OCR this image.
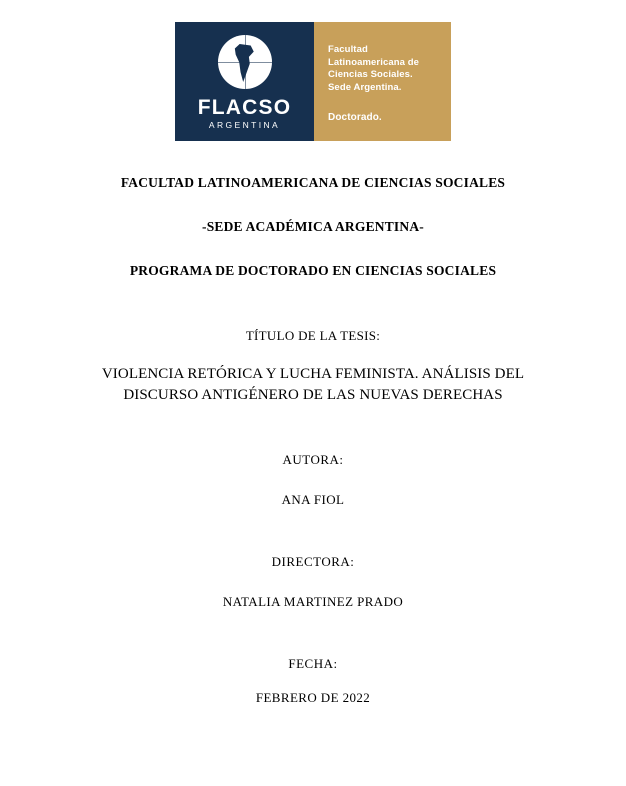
FLACSO
ARGENTINA
Facultad
Latinoamericana de
Ciencias Sociales.
Sede Argentina.
Doctorado.
FACULTAD LATINOAMERICANA DE CIENCIAS SOCIALES
-SEDE ACADÉMICA ARGENTINA-
PROGRAMA DE DOCTORADO EN CIENCIAS SOCIALES
TÍTULO DE LA TESIS:
VIOLENCIA RETÓRICA Y LUCHA FEMINISTA. ANÁLISIS DEL DISCURSO ANTIGÉNERO DE LAS NUEVAS DERECHAS
AUTORA:
ANA FIOL
DIRECTORA:
NATALIA MARTINEZ PRADO
FECHA:
FEBRERO DE 2022
